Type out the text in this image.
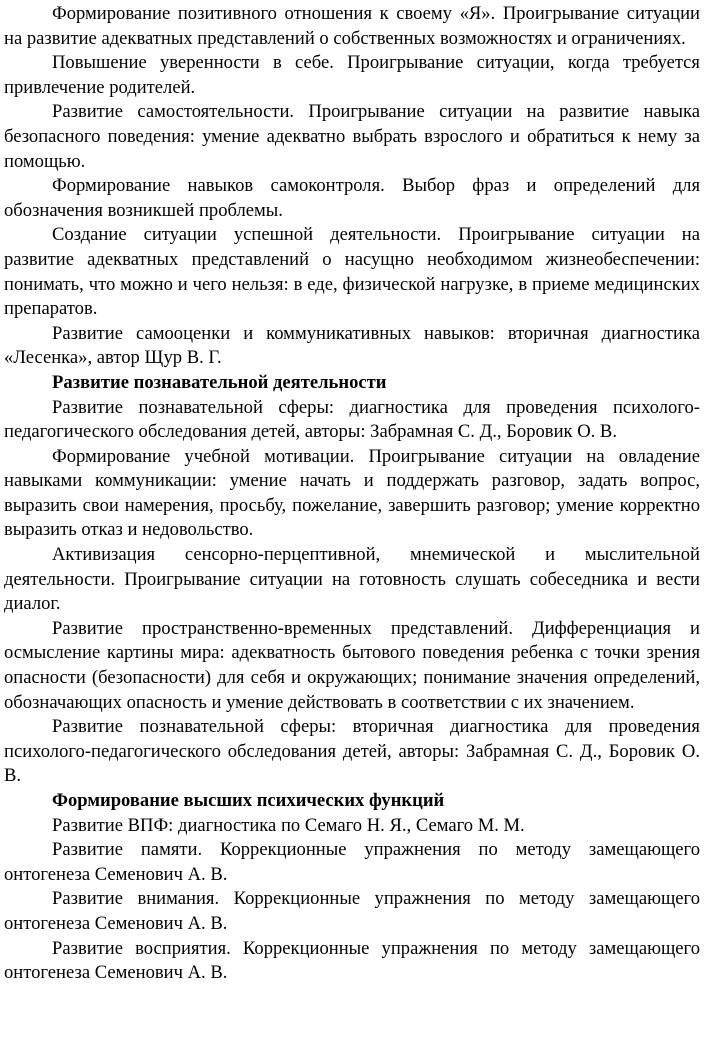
Формирование позитивного отношения к своему «Я». Проигрывание ситуации на развитие адекватных представлений о собственных возможностях и ограничениях.

Повышение уверенности в себе. Проигрывание ситуации, когда требуется привлечение родителей.

Развитие самостоятельности. Проигрывание ситуации на развитие навыка безопасного поведения: умение адекватно выбрать взрослого и обратиться к нему за помощью.

Формирование навыков самоконтроля. Выбор фраз и определений для обозначения возникшей проблемы.

Создание ситуации успешной деятельности. Проигрывание ситуации на развитие адекватных представлений о насущно необходимом жизнеобеспечении: понимать, что можно и чего нельзя: в еде, физической нагрузке, в приеме медицинских препаратов.

Развитие самооценки и коммуникативных навыков: вторичная диагностика «Лесенка», автор Щур В. Г.

Развитие познавательной деятельности

Развитие познавательной сферы: диагностика для проведения психолого-педагогического обследования детей, авторы: Забрамная С. Д., Боровик О. В.

Формирование учебной мотивации. Проигрывание ситуации на овладение навыками коммуникации: умение начать и поддержать разговор, задать вопрос, выразить свои намерения, просьбу, пожелание, завершить разговор; умение корректно выразить отказ и недовольство.

Активизация сенсорно-перцептивной, мнемической и мыслительной деятельности. Проигрывание ситуации на готовность слушать собеседника и вести диалог.

Развитие пространственно-временных представлений. Дифференциация и осмысление картины мира: адекватность бытового поведения ребенка с точки зрения опасности (безопасности) для себя и окружающих; понимание значения определений, обозначающих опасность и умение действовать в соответствии с их значением.

Развитие познавательной сферы: вторичная диагностика для проведения психолого-педагогического обследования детей, авторы: Забрамная С. Д., Боровик О. В.

Формирование высших психических функций

Развитие ВПФ: диагностика по Семаго Н. Я., Семаго М. М.

Развитие памяти. Коррекционные упражнения по методу замещающего онтогенеза Семенович А. В.

Развитие внимания. Коррекционные упражнения по методу замещающего онтогенеза Семенович А. В.

Развитие восприятия. Коррекционные упражнения по методу замещающего онтогенеза Семенович А. В.
